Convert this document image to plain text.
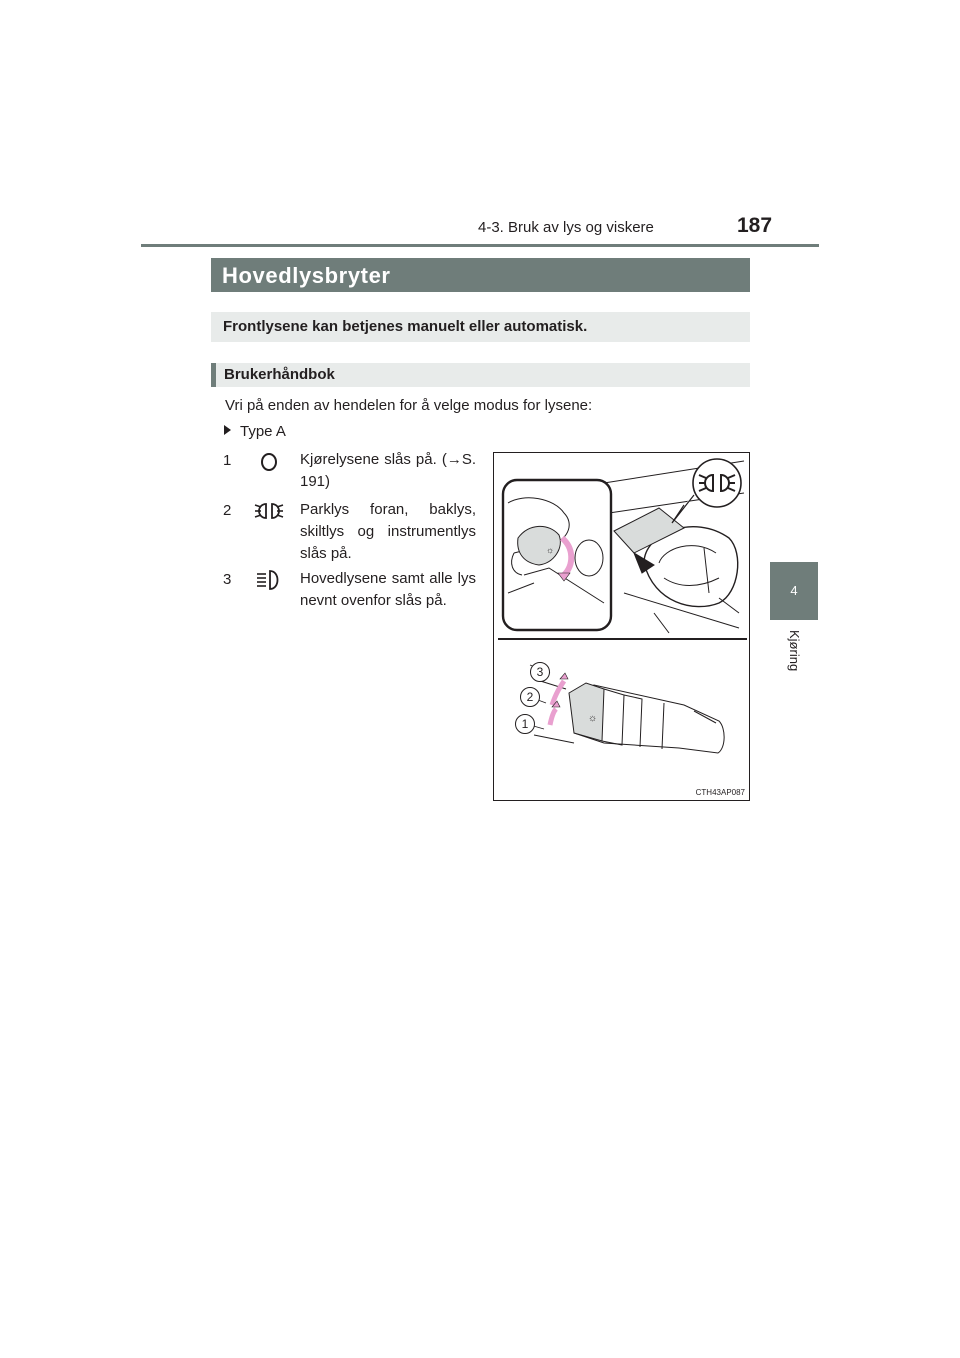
4-3. Bruk av lys og viskere	187
4
Kjøring
Hovedlysbryter
Frontlysene kan betjenes manuelt eller automatisk.
Brukerhåndbok
Vri på enden av hendelen for å velge modus for lysene:
Type A
1	Kjørelysene slås på. (→S. 191)
2	Parklys foran, baklys, skiltlys og instrumentlys slås på.
3	Hovedlysene samt alle lys nevnt ovenfor slås på.
☼
☼
3
2
1
CTH43AP087
